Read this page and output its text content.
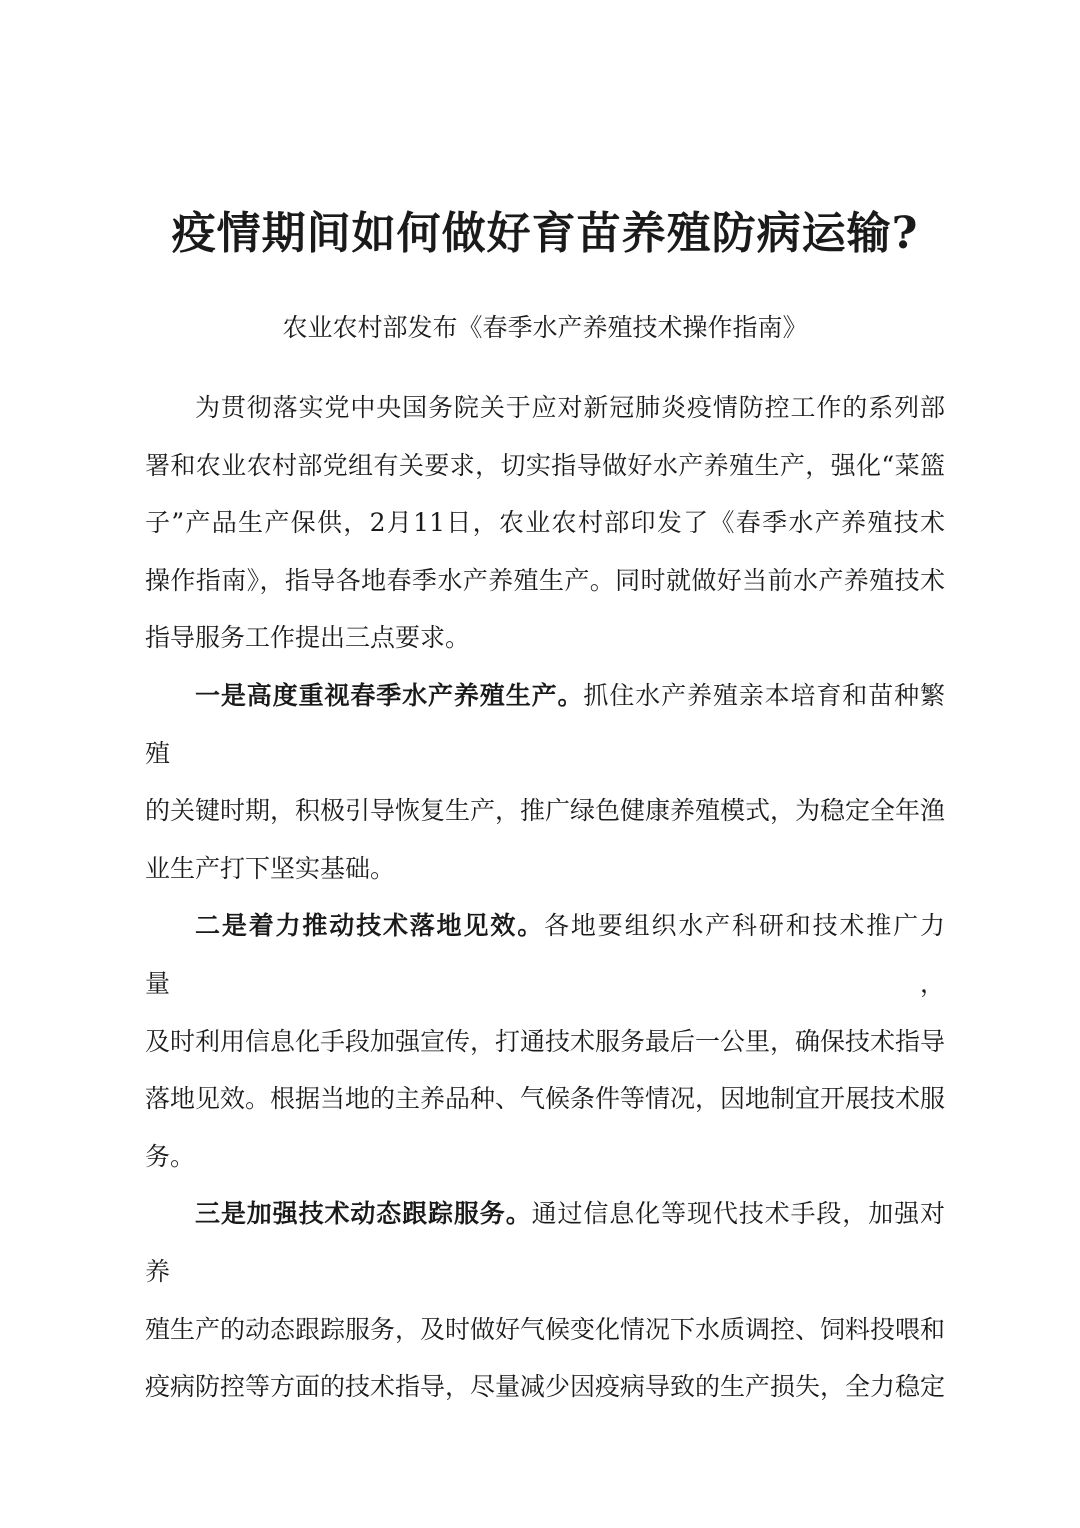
疫情期间如何做好育苗养殖防病运输?
农业农村部发布《春季水产养殖技术操作指南》

为贯彻落实党中央国务院关于应对新冠肺炎疫情防控工作的系列部
署和农业农村部党组有关要求，切实指导做好水产养殖生产，强化“菜篮
子”产品生产保供，2月11日，农业农村部印发了《春季水产养殖技术
操作指南》，指导各地春季水产养殖生产。同时就做好当前水产养殖技术
指导服务工作提出三点要求。

一是高度重视春季水产养殖生产。抓住水产养殖亲本培育和苗种繁殖
的关键时期，积极引导恢复生产，推广绿色健康养殖模式，为稳定全年渔
业生产打下坚实基础。

二是着力推动技术落地见效。各地要组织水产科研和技术推广力量，
及时利用信息化手段加强宣传，打通技术服务最后一公里，确保技术指导
落地见效。根据当地的主养品种、气候条件等情况，因地制宜开展技术服
务。

三是加强技术动态跟踪服务。通过信息化等现代技术手段，加强对养
殖生产的动态跟踪服务，及时做好气候变化情况下水质调控、饲料投喂和
疫病防控等方面的技术指导，尽量减少因疫病导致的生产损失，全力稳定
